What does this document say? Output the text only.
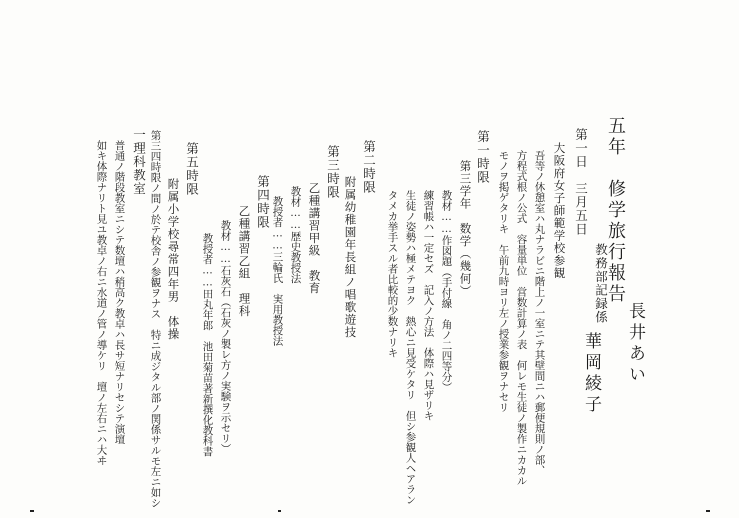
五年　修学旅行報告
教務部記録係
第一日　三月五日
大阪府女子師範学校参観
吾等ノ休憩室ハ丸ナラビニ階上ノ一室ニテ其壁間ニハ郵便規則ノ部、
方程式根ノ公式　容量単位　営数計算ノ表　何レモ生徒ノ製作ニカカル
モノヲ掲ゲタリキ　午前九時ヨリ左ノ授業参観ヲナセリ
第一時限
第三学年　数学（幾何）
教材……作図題（手付線　角ノ二四等分）
練習帳ハ一定セズ　記入ノ方法　体際ハ見ザリキ
生徒ノ姿勢ハ極メテヨク　熱心ニ見受ケタリ　但シ参観人ヘアラン
タメカ挙手スル者比較的少数ナリキ
第二時限
附属幼稚園年長組ノ唱歌遊技
第三時限
乙種講習甲級　教育
教材……歴史教授法
教授者……三輪氏　実用教授法
第四時限
乙種講習乙組　理科
教材……石灰石（石灰ノ製レ方ノ実験ヲ示セリ）
教授者……田丸年郎　池田菊苗著新撰化教科書
第五時限
附属小学校尋常四年男　体操
第三四時限ノ間ノ於テ校舎ノ参観ヲナス　特ニ成ジタル部ノ関係サルモ左ニ如シ
一理科教室
普通ノ階段教室ニシテ数壇ハ稍高ク教卓ハ長サ短ナリセシテ演壇
如キ体際ナリト見ユ教卓ノ右ニ水道ノ管ノ導ケリ　壇ノ左右ニハ大ヰ	長井あい
華岡綾子
